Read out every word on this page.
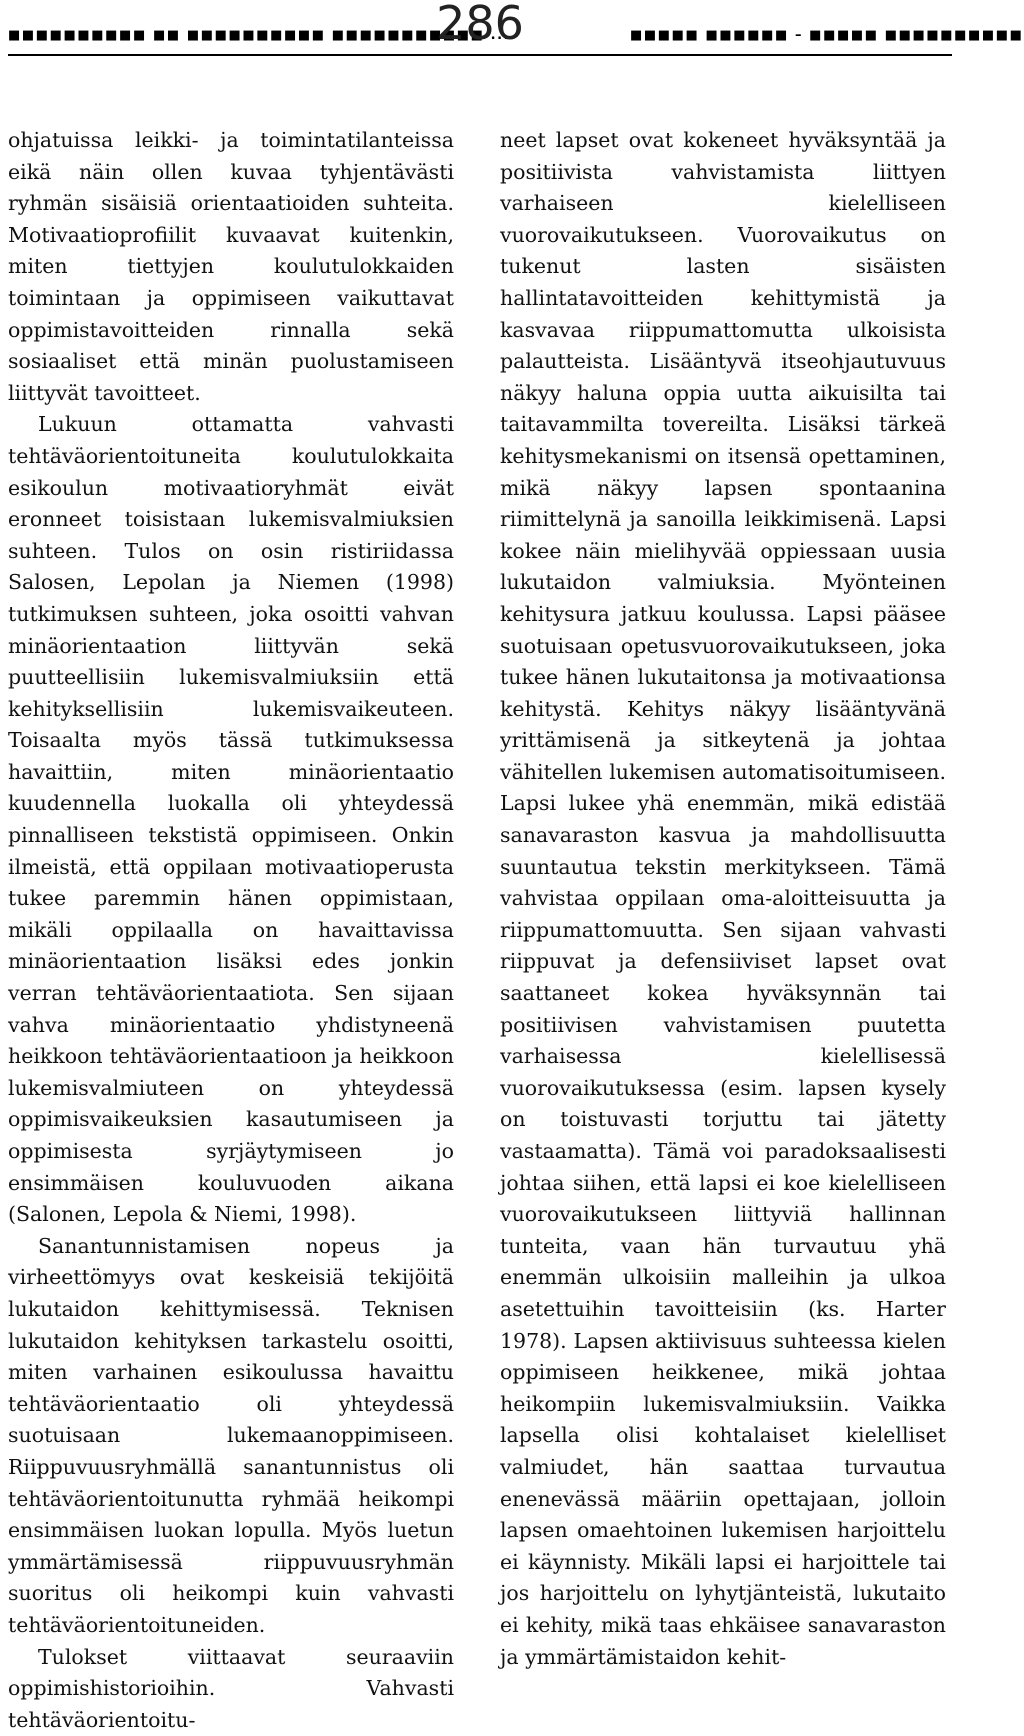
■■■■■■■■■■ ■■ ■■■■■■■■■■ ■■■■■■■■■■■ ...
286	■■■■■ ■■■■■■ – ■■■■■ ■■■■■■■■■■

ohjatuissa leikki- ja toimintatilanteissa eikä näin ollen kuvaa tyhjentävästi ryhmän sisäisiä orientaatioiden suhteita. Motivaatioprofiilit kuvaavat kuitenkin, miten tiettyjen koulutulokkaiden toimintaan ja oppimiseen vaikuttavat oppimistavoitteiden rinnalla sekä sosiaaliset että minän puolustamiseen liittyvät tavoitteet.

Lukuun ottamatta vahvasti tehtäväorientoituneita koulutulokkaita esikoulun motivaatioryhmät eivät eronneet toisistaan lukemisvalmiuksien suhteen. Tulos on osin ristiriidassa Salosen, Lepolan ja Niemen (1998) tutkimuksen suhteen, joka osoitti vahvan minäorientaation liittyvän sekä puutteellisiin lukemisvalmiuksiin että kehityksellisiin lukemisvaikeuteen. Toisaalta myös tässä tutkimuksessa havaittiin, miten minäorientaatio kuudennella luokalla oli yhteydessä pinnalliseen tekstistä oppimiseen. Onkin ilmeistä, että oppilaan motivaatioperusta tukee paremmin hänen oppimistaan, mikäli oppilaalla on havaittavissa minäorientaation lisäksi edes jonkin verran tehtäväorientaatiota. Sen sijaan vahva minäorientaatio yhdistyneenä heikkoon tehtäväorientaatioon ja heikkoon lukemisvalmiuteen on yhteydessä oppimisvaikeuksien kasautumiseen ja oppimisesta syrjäytymiseen jo ensimmäisen kouluvuoden aikana (Salonen, Lepola & Niemi, 1998).

Sanantunnistamisen nopeus ja virheettömyys ovat keskeisiä tekijöitä lukutaidon kehittymisessä. Teknisen lukutaidon kehityksen tarkastelu osoitti, miten varhainen esikoulussa havaittu tehtäväorientaatio oli yhteydessä suotuisaan lukemaanoppimiseen. Riippuvuusryhmällä sanantunnistus oli tehtäväorientoitunutta ryhmää heikompi ensimmäisen luokan lopulla. Myös luetun ymmärtämisessä riippuvuusryhmän suoritus oli heikompi kuin vahvasti tehtäväorientoituneiden.

Tulokset viittaavat seuraaviin oppimishistorioihin. Vahvasti tehtäväorientoitu-

neet lapset ovat kokeneet hyväksyntää ja positiivista vahvistamista liittyen varhaiseen kielelliseen vuorovaikutukseen. Vuorovaikutus on tukenut lasten sisäisten hallintatavoitteiden kehittymistä ja kasvavaa riippumattomutta ulkoisista palautteista. Lisääntyvä itseohjautuvuus näkyy haluna oppia uutta aikuisilta tai taitavammilta tovereilta. Lisäksi tärkeä kehitysmekanismi on itsensä opettaminen, mikä näkyy lapsen spontaanina riimittelynä ja sanoilla leikkimisenä. Lapsi kokee näin mielihyvää oppiessaan uusia lukutaidon valmiuksia. Myönteinen kehitysura jatkuu koulussa. Lapsi pääsee suotuisaan opetusvuorovaikutukseen, joka tukee hänen lukutaitonsa ja motivaationsa kehitystä. Kehitys näkyy lisääntyvänä yrittämisenä ja sitkeytenä ja johtaa vähitellen lukemisen automatisoitumiseen. Lapsi lukee yhä enemmän, mikä edistää sanavaraston kasvua ja mahdollisuutta suuntautua tekstin merkitykseen. Tämä vahvistaa oppilaan oma-aloitteisuutta ja riippumattomuutta. Sen sijaan vahvasti riippuvat ja defensiiviset lapset ovat saattaneet kokea hyväksynnän tai positiivisen vahvistamisen puutetta varhaisessa kielellisessä vuorovaikutuksessa (esim. lapsen kysely on toistuvasti torjuttu tai jätetty vastaamatta). Tämä voi paradoksaalisesti johtaa siihen, että lapsi ei koe kielelliseen vuorovaikutukseen liittyviä hallinnan tunteita, vaan hän turvautuu yhä enemmän ulkoisiin malleihin ja ulkoa asetettuihin tavoitteisiin (ks. Harter 1978). Lapsen aktiivisuus suhteessa kielen oppimiseen heikkenee, mikä johtaa heikompiin lukemisvalmiuksiin. Vaikka lapsella olisi kohtalaiset kielelliset valmiudet, hän saattaa turvautua enenevässä määriin opettajaan, jolloin lapsen omaehtoinen lukemisen harjoittelu ei käynnisty. Mikäli lapsi ei harjoittele tai jos harjoittelu on lyhytjänteistä, lukutaito ei kehity, mikä taas ehkäisee sanavaraston ja ymmärtämistaidon kehit-
